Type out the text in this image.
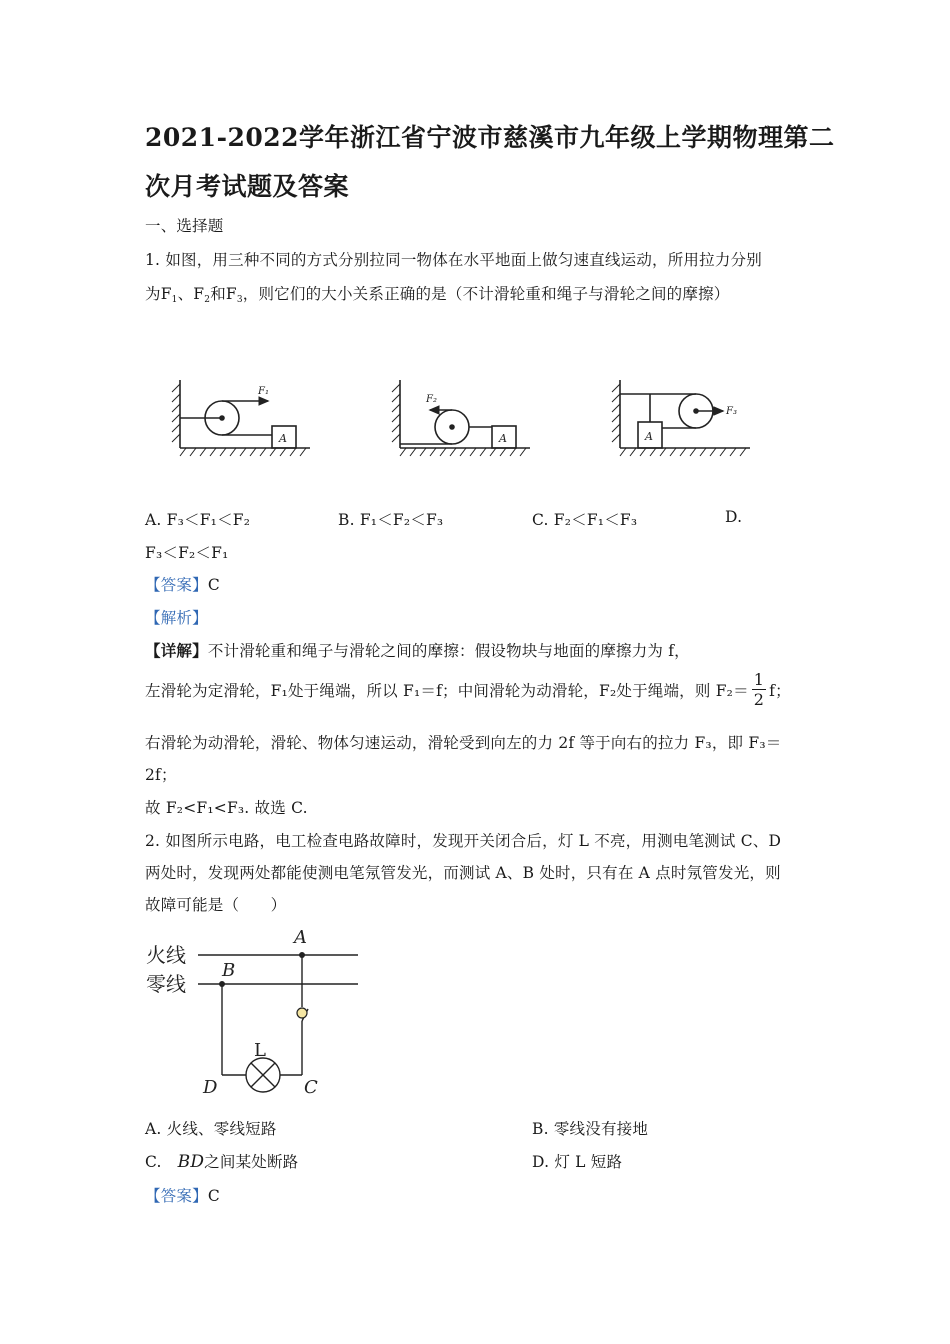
2021-2022学年浙江省宁波市慈溪市九年级上学期物理第二
次月考试题及答案
一、选择题
1. 如图，用三种不同的方式分别拉同一物体在水平地面上做匀速直线运动，所用拉力分别
为$F_1$、$F_2$和$F_3$，则它们的大小关系正确的是（不计滑轮重和绳子与滑轮之间的摩擦）
F₁
F₂
F₃
A	A	A
A. F₃＜F₁＜F₂	B. F₁＜F₂＜F₃	C. F₂＜F₁＜F₃	D.
F₃＜F₂＜F₁
【答案】C
【解析】
【详解】不计滑轮重和绳子与滑轮之间的摩擦：假设物块与地面的摩擦力为 f，
左滑轮为定滑轮，F₁处于绳端，所以 F₁＝f；中间滑轮为动滑轮，F₂处于绳端，则 $F_2= \frac{1}{2}$ f；
右滑轮为动滑轮，滑轮、物体匀速运动，滑轮受到向左的力 2f 等于向右的拉力 F₃，即 F₃＝
2f；
故 F₂<F₁<F₃. 故选 C.
2. 如图所示电路，电工检查电路故障时，发现开关闭合后，灯 L 不亮，用测电笔测试 C、D
两处时，发现两处都能使测电笔氖管发光，而测试 A、B 处时，只有在 A 点时氖管发光，则
故障可能是（　　）
火线
零线
A
B
C
D
L
A. 火线、零线短路	B. 零线没有接地
C. BD之间某处断路	D. 灯 L 短路
【答案】C
